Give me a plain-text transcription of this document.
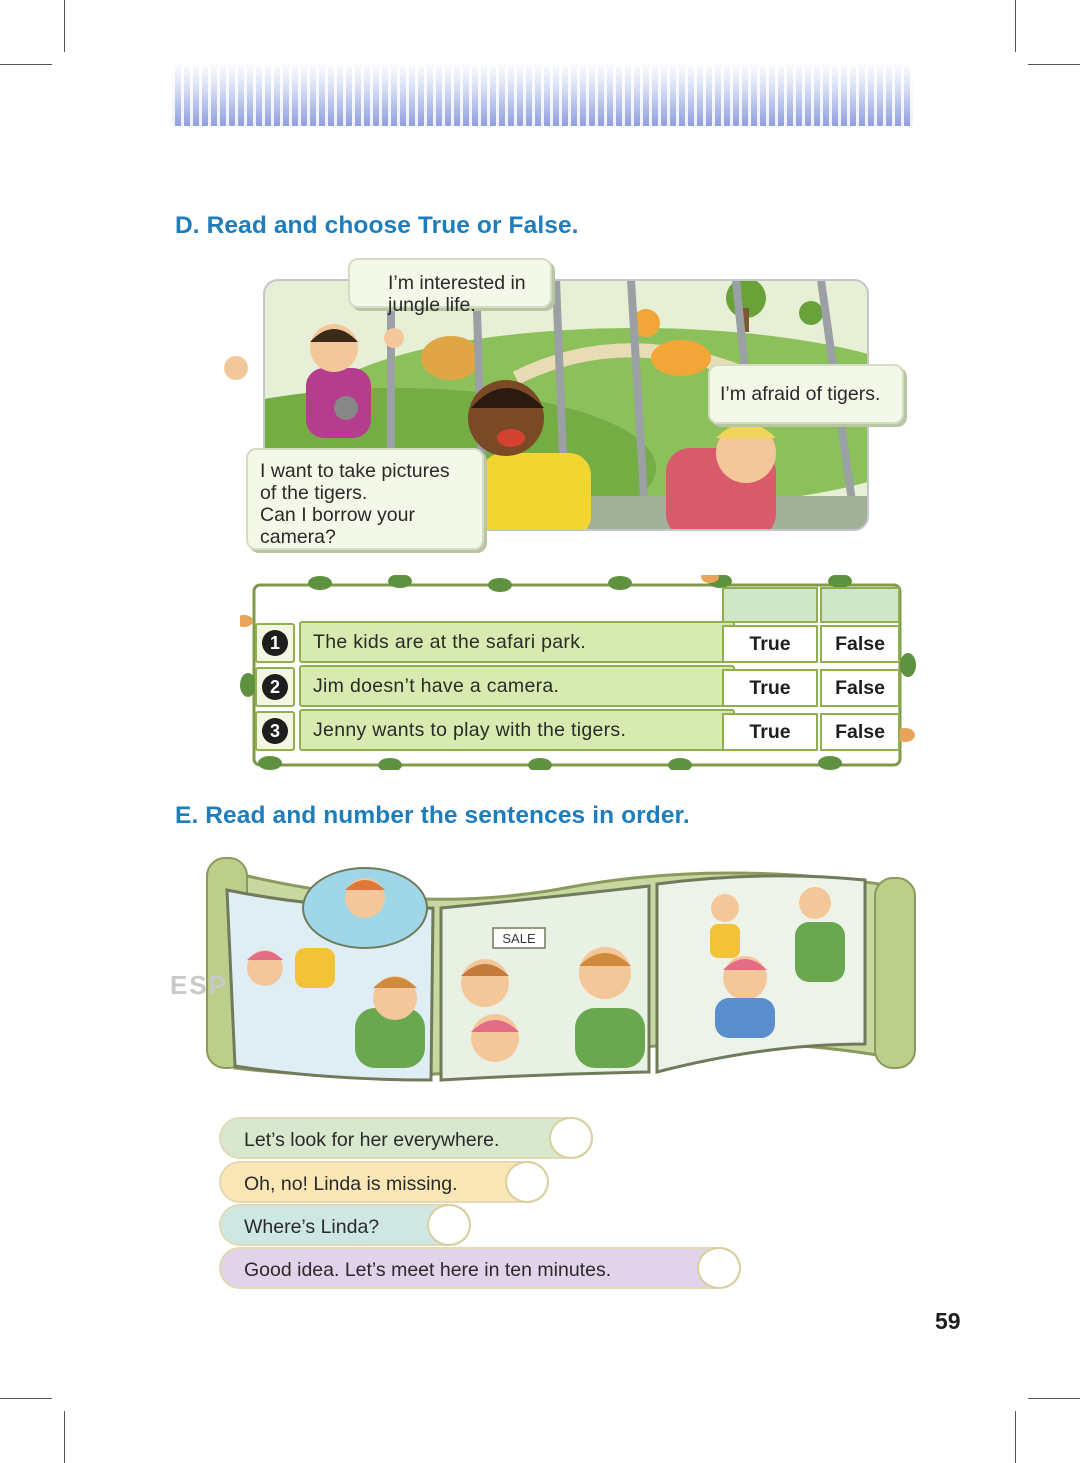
D. Read and choose True or False.
I’m interested in
jungle life.
I’m afraid of tigers.
I want to take pictures
of the tigers.
Can I borrow your
camera?
1	The kids are at the safari park.	True	False
2	Jim doesn’t have a camera.	True	False
3	Jenny wants to play with the tigers.	True	False
E. Read and number the sentences in order.
SALE
ESP
Let’s look for her everywhere.
Oh, no! Linda is missing.
Where’s Linda?
Good idea. Let’s meet here in ten minutes.
59
